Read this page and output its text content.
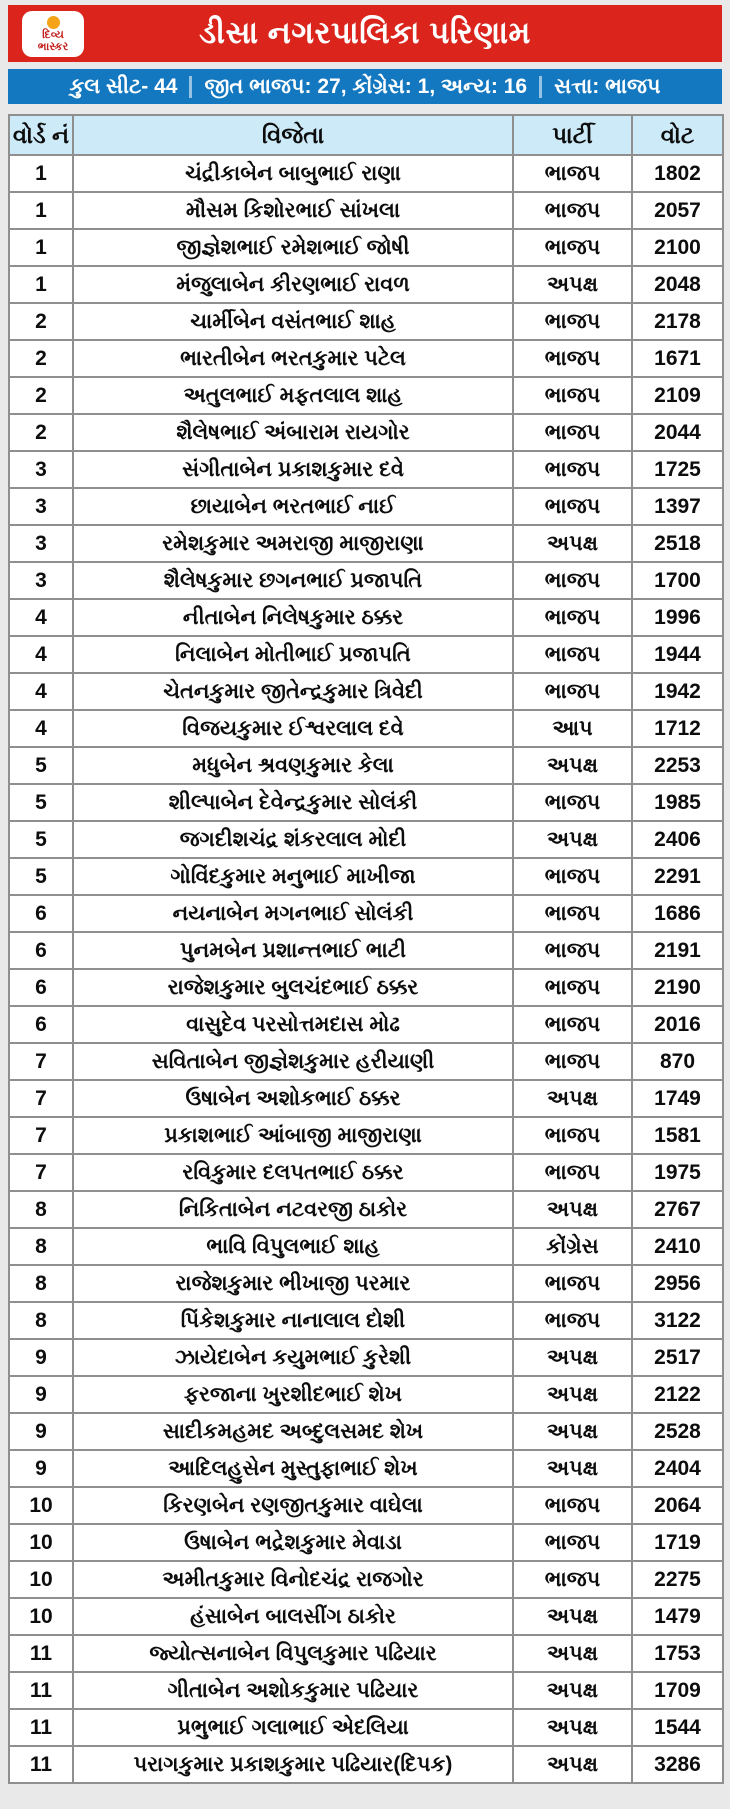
દિવ્ય
ભાસ્કર	ડીસા નગરપાલિકા પરિણામ
કુલ સીટ- 44 જીત ભાજપ: 27, કોંગ્રેસ: 1, અન્ય: 16 સત્તા: ભાજપ
વોર્ડ નં	વિજેતા	પાર્ટી	વોટ
1	ચંદ્રીકાબેન બાબુભાઈ રાણા	ભાજપ	1802
1	મૌસમ કિશોરભાઈ સાંખલા	ભાજપ	2057
1	જીજ્ઞેશભાઈ રમેશભાઈ જોષી	ભાજપ	2100
1	મંજુલાબેન કીરણભાઈ રાવળ	અપક્ષ	2048
2	ચાર્મીબેન વસંતભાઈ શાહ	ભાજપ	2178
2	ભારતીબેન ભરતકુમાર પટેલ	ભાજપ	1671
2	અતુલભાઈ મફતલાલ શાહ	ભાજપ	2109
2	શૈલેષભાઈ અંબારામ રાયગોર	ભાજપ	2044
3	સંગીતાબેન પ્રકાશકુમાર દવે	ભાજપ	1725
3	છાયાબેન ભરતભાઈ નાઈ	ભાજપ	1397
3	રમેશકુમાર અમરાજી માજીરાણા	અપક્ષ	2518
3	શૈલેષકુમાર છગનભાઈ પ્રજાપતિ	ભાજપ	1700
4	નીતાબેન નિલેષકુમાર ઠક્કર	ભાજપ	1996
4	નિલાબેન મોતીભાઈ પ્રજાપતિ	ભાજપ	1944
4	ચેતનકુમાર જીતેન્દ્રકુમાર ત્રિવેદી	ભાજપ	1942
4	વિજયકુમાર ઈશ્વરલાલ દવે	આપ	1712
5	મધુબેન શ્રવણકુમાર કેલા	અપક્ષ	2253
5	શીલ્પાબેન દેવેન્દ્રકુમાર સોલંકી	ભાજપ	1985
5	જગદીશચંદ્ર શંકરલાલ મોદી	અપક્ષ	2406
5	ગોવિંદકુમાર મનુભાઈ માખીજા	ભાજપ	2291
6	નયનાબેન મગનભાઈ સોલંકી	ભાજપ	1686
6	પુનમબેન પ્રશાન્તભાઈ ભાટી	ભાજપ	2191
6	રાજેશકુમાર બુલચંદભાઈ ઠક્કર	ભાજપ	2190
6	વાસુદેવ પરસોત્તમદાસ મોઢ	ભાજપ	2016
7	સવિતાબેન જીજ્ઞેશકુમાર હરીયાણી	ભાજપ	870
7	ઉષાબેન અશોકભાઈ ઠક્કર	અપક્ષ	1749
7	પ્રકાશભાઈ આંબાજી માજીરાણા	ભાજપ	1581
7	રવિકુમાર દલપતભાઈ ઠક્કર	ભાજપ	1975
8	નિકિતાબેન નટવરજી ઠાકોર	અપક્ષ	2767
8	ભાવિ વિપુલભાઈ શાહ	કોંગ્રેસ	2410
8	રાજેશકુમાર ભીખાજી પરમાર	ભાજપ	2956
8	પિંકેશકુમાર નાનાલાલ દોશી	ભાજપ	3122
9	ઝાયેદાબેન કયુમભાઈ કુરેશી	અપક્ષ	2517
9	ફરજાના ખુરશીદભાઈ શેખ	અપક્ષ	2122
9	સાદીકમહમદ અબ્દુલસમદ શેખ	અપક્ષ	2528
9	આદિલહુસેન મુસ્તુફાભાઈ શેખ	અપક્ષ	2404
10	કિરણબેન રણજીતકુમાર વાઘેલા	ભાજપ	2064
10	ઉષાબેન ભદ્રેશકુમાર મેવાડા	ભાજપ	1719
10	અમીતકુમાર વિનોદચંદ્ર રાજગોર	ભાજપ	2275
10	હંસાબેન બાલસીંગ ઠાકોર	અપક્ષ	1479
11	જ્યોત્સનાબેન વિપુલકુમાર પઢિયાર	અપક્ષ	1753
11	ગીતાબેન અશોકકુમાર પઢિયાર	અપક્ષ	1709
11	પ્રભુભાઈ ગલાભાઈ એદલિયા	અપક્ષ	1544
11	પરાગકુમાર પ્રકાશકુમાર પઢિયાર(દિપક)	અપક્ષ	3286
